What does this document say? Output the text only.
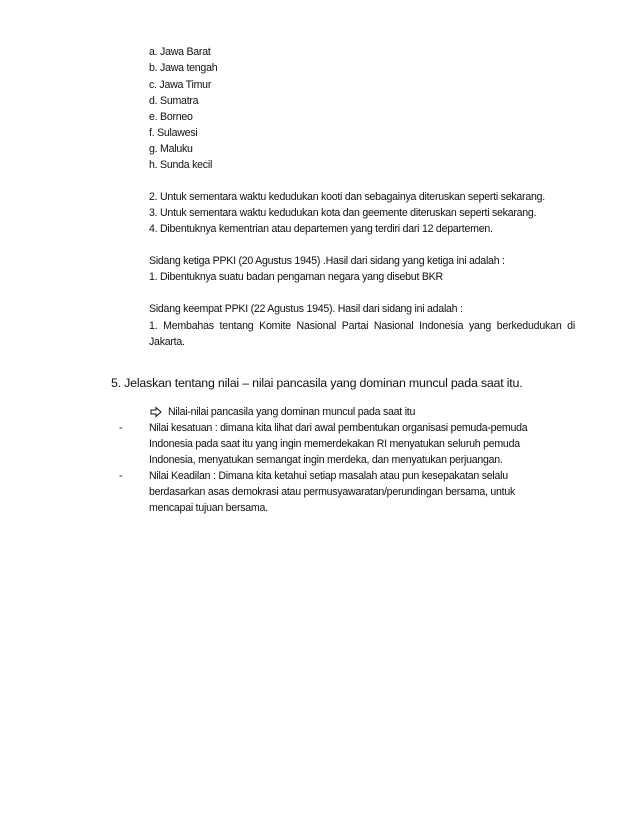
a. Jawa Barat
b. Jawa tengah
c. Jawa Timur
d. Sumatra
e. Borneo
f. Sulawesi
g. Maluku
h. Sunda kecil
2. Untuk sementara waktu kedudukan kooti dan sebagainya diteruskan seperti sekarang.
3. Untuk sementara waktu kedudukan kota dan geemente diteruskan seperti sekarang.
4. Dibentuknya kementrian atau departemen yang terdiri dari 12 departemen.
Sidang ketiga PPKI (20 Agustus 1945) .Hasil dari sidang yang ketiga ini adalah :
1. Dibentuknya suatu badan pengaman negara yang disebut BKR
Sidang keempat PPKI (22 Agustus 1945). Hasil dari sidang ini adalah :
1. Membahas tentang Komite Nasional Partai Nasional Indonesia yang berkedudukan di
Jakarta.
5. Jelaskan tentang nilai – nilai pancasila yang dominan muncul pada saat itu.
Nilai-nilai pancasila yang dominan muncul pada saat itu
- Nilai kesatuan : dimana kita lihat dari awal pembentukan organisasi pemuda-pemuda
Indonesia pada saat itu yang ingin memerdekakan RI menyatukan seluruh pemuda
Indonesia, menyatukan semangat ingin merdeka, dan menyatukan perjuangan.
- Nilai Keadilan : Dimana kita ketahui setiap masalah atau pun kesepakatan selalu
berdasarkan asas demokrasi atau permusyawaratan/perundingan bersama, untuk
mencapai tujuan bersama.
